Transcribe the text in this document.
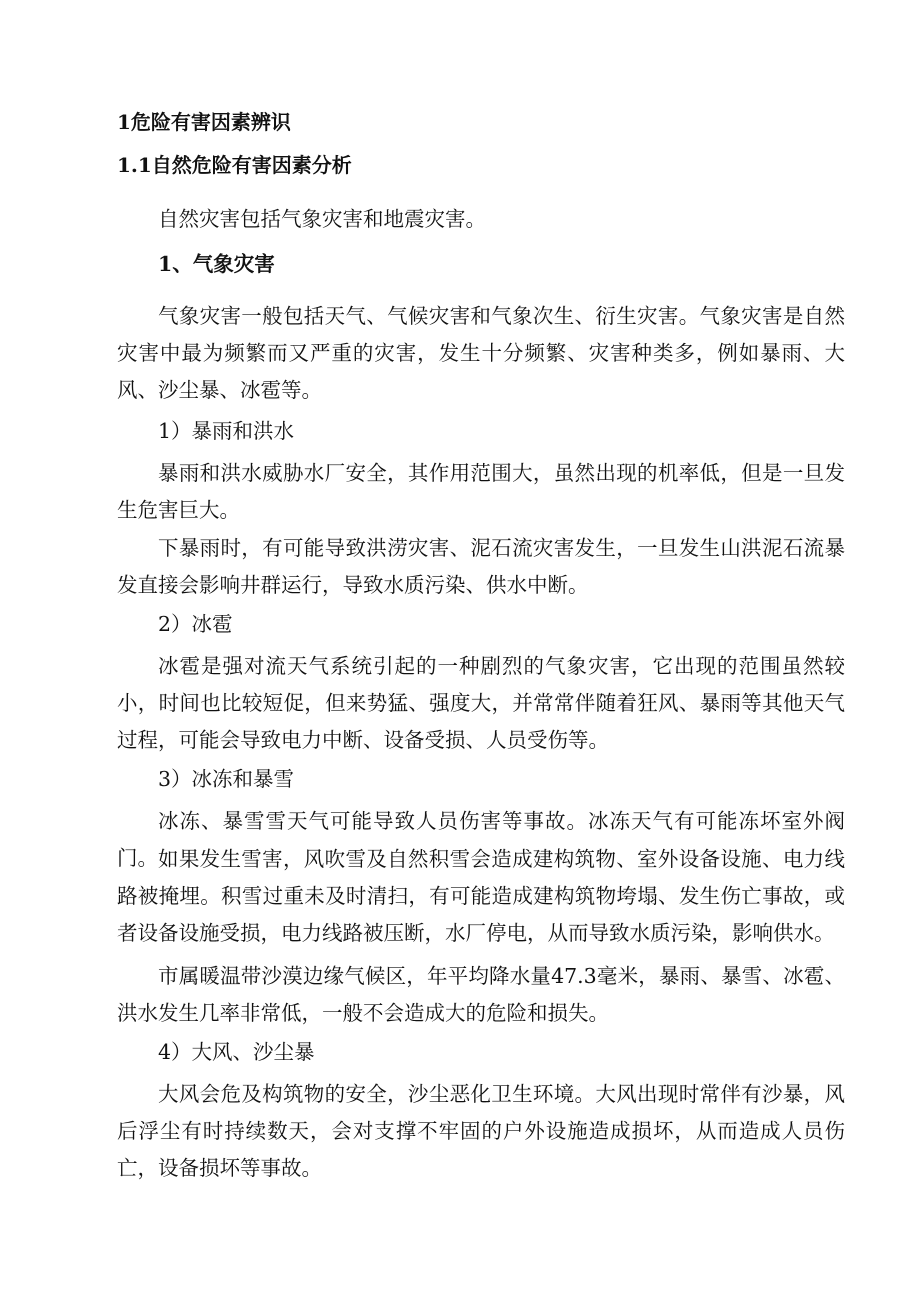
1危险有害因素辨识
1.1自然危险有害因素分析

自然灾害包括气象灾害和地震灾害。

1、气象灾害

气象灾害一般包括天气、气候灾害和气象次生、衍生灾害。气象灾害是自然灾害中最为频繁而又严重的灾害，发生十分频繁、灾害种类多，例如暴雨、大风、沙尘暴、冰雹等。

1）暴雨和洪水

暴雨和洪水威胁水厂安全，其作用范围大，虽然出现的机率低，但是一旦发生危害巨大。

下暴雨时，有可能导致洪涝灾害、泥石流灾害发生，一旦发生山洪泥石流暴发直接会影响井群运行，导致水质污染、供水中断。

2）冰雹

冰雹是强对流天气系统引起的一种剧烈的气象灾害，它出现的范围虽然较小，时间也比较短促，但来势猛、强度大，并常常伴随着狂风、暴雨等其他天气过程，可能会导致电力中断、设备受损、人员受伤等。

3）冰冻和暴雪

冰冻、暴雪雪天气可能导致人员伤害等事故。冰冻天气有可能冻坏室外阀门。 如果发生雪害，风吹雪及自然积雪会造成建构筑物、室外设备设施、电力线路被掩埋。积雪过重未及时清扫，有可能造成建构筑物垮塌、发生伤亡事故，或者设备设施受损，电力线路被压断，水厂停电，从而导致水质污染，影响供水。

市属暖温带沙漠边缘气候区，年平均降水量47.3毫米，暴雨、暴雪、冰雹、洪水发生几率非常低，一般不会造成大的危险和损失。

4）大风、沙尘暴

大风会危及构筑物的安全，沙尘恶化卫生环境。大风出现时常伴有沙暴，风后浮尘有时持续数天，会对支撑不牢固的户外设施造成损坏，从而造成人员伤亡，设备损坏等事故。
